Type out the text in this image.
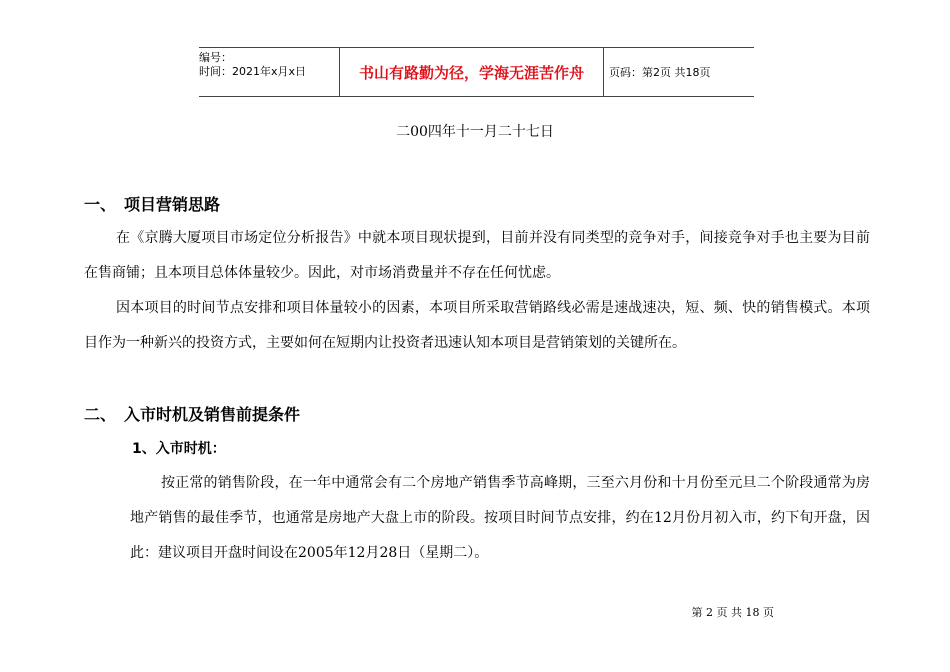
编号：
时间：2021年x月x日	书山有路勤为径，学海无涯苦作舟	页码：第2页 共18页
二00四年十一月二十七日
一、 项目营销思路
在《京腾大厦项目市场定位分析报告》中就本项目现状提到，目前并没有同类型的竞争对手，间接竞争对手也主要为目前在售商铺；且本项目总体体量较少。因此，对市场消费量并不存在任何忧虑。
因本项目的时间节点安排和项目体量较小的因素，本项目所采取营销路线必需是速战速决，短、频、快的销售模式。本项目作为一种新兴的投资方式，主要如何在短期内让投资者迅速认知本项目是营销策划的关键所在。
二、 入市时机及销售前提条件
1、入市时机：
按正常的销售阶段，在一年中通常会有二个房地产销售季节高峰期，三至六月份和十月份至元旦二个阶段通常为房地产销售的最佳季节，也通常是房地产大盘上市的阶段。按项目时间节点安排，约在12月份月初入市，约下旬开盘，因此：建议项目开盘时间设在2005年12月28日（星期二）。
第 2 页 共 18 页
